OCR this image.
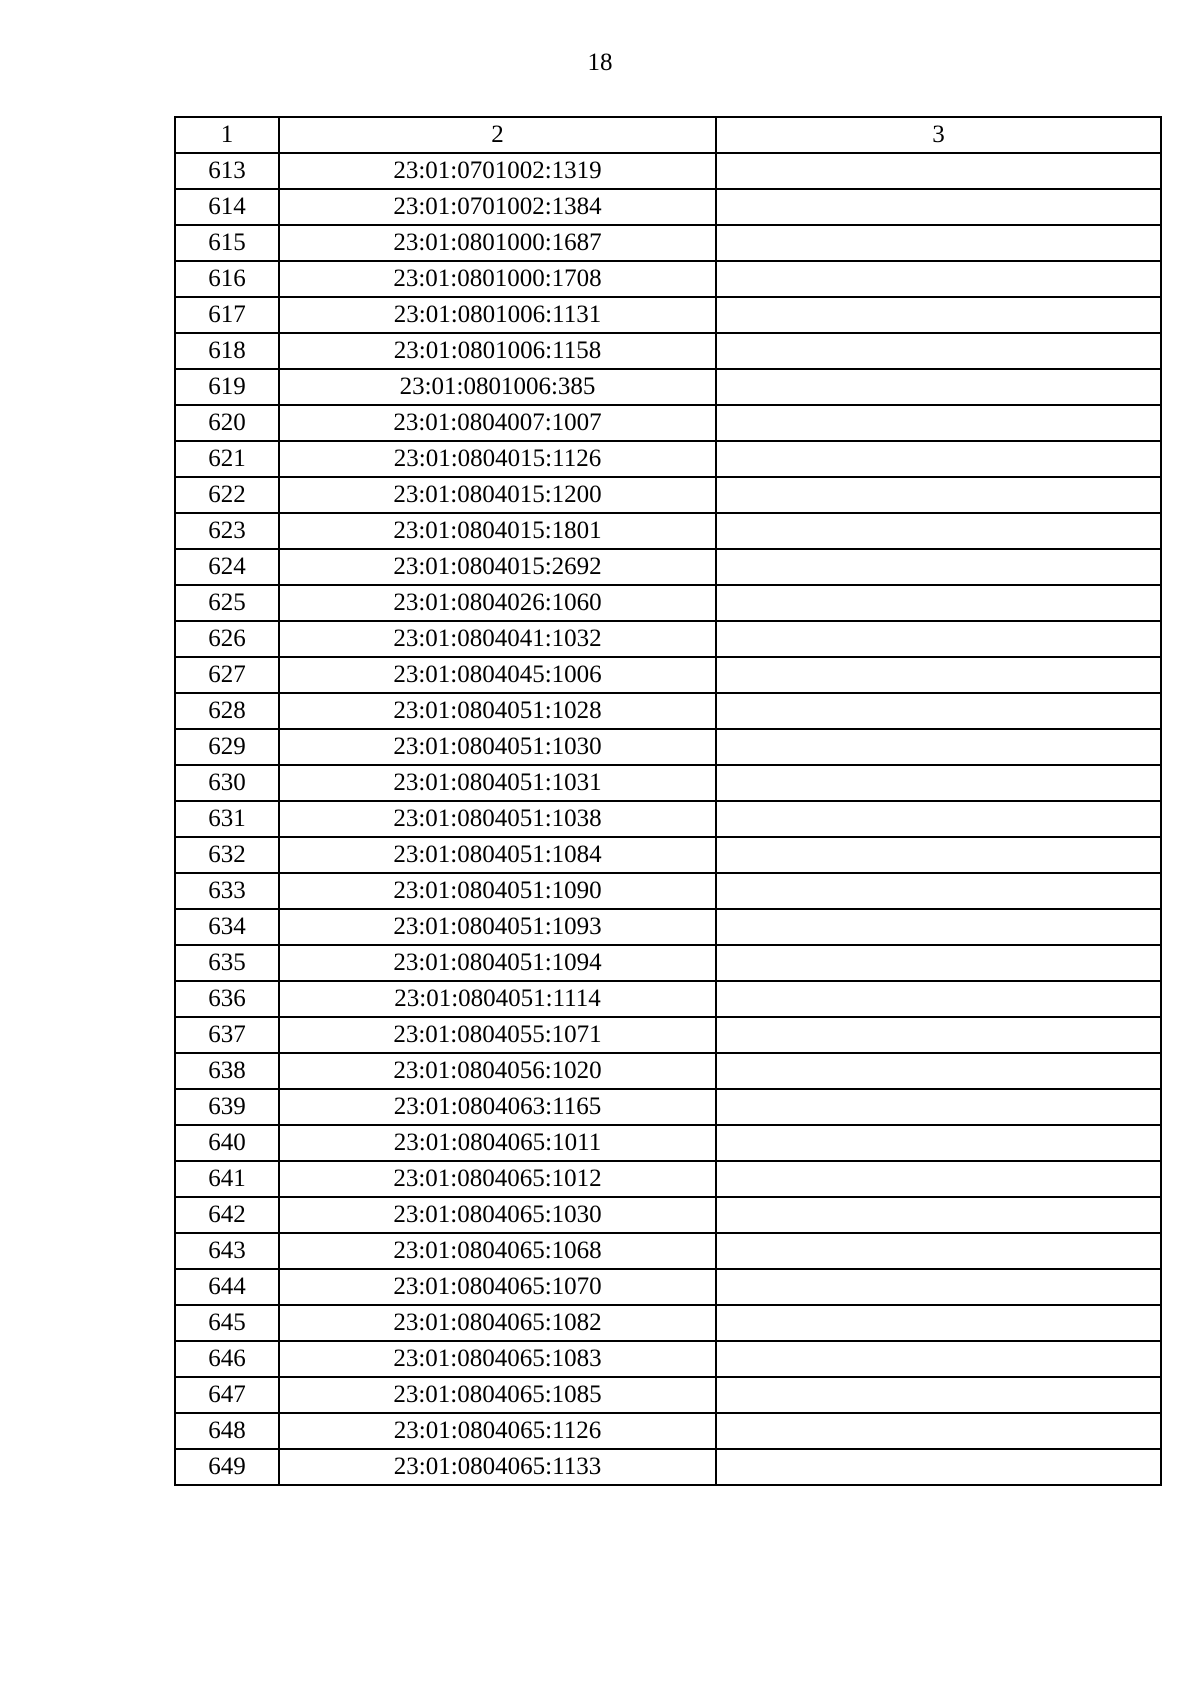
18
1	2	3
613	23:01:0701002:1319	
614	23:01:0701002:1384	
615	23:01:0801000:1687	
616	23:01:0801000:1708	
617	23:01:0801006:1131	
618	23:01:0801006:1158	
619	23:01:0801006:385	
620	23:01:0804007:1007	
621	23:01:0804015:1126	
622	23:01:0804015:1200	
623	23:01:0804015:1801	
624	23:01:0804015:2692	
625	23:01:0804026:1060	
626	23:01:0804041:1032	
627	23:01:0804045:1006	
628	23:01:0804051:1028	
629	23:01:0804051:1030	
630	23:01:0804051:1031	
631	23:01:0804051:1038	
632	23:01:0804051:1084	
633	23:01:0804051:1090	
634	23:01:0804051:1093	
635	23:01:0804051:1094	
636	23:01:0804051:1114	
637	23:01:0804055:1071	
638	23:01:0804056:1020	
639	23:01:0804063:1165	
640	23:01:0804065:1011	
641	23:01:0804065:1012	
642	23:01:0804065:1030	
643	23:01:0804065:1068	
644	23:01:0804065:1070	
645	23:01:0804065:1082	
646	23:01:0804065:1083	
647	23:01:0804065:1085	
648	23:01:0804065:1126	
649	23:01:0804065:1133	
